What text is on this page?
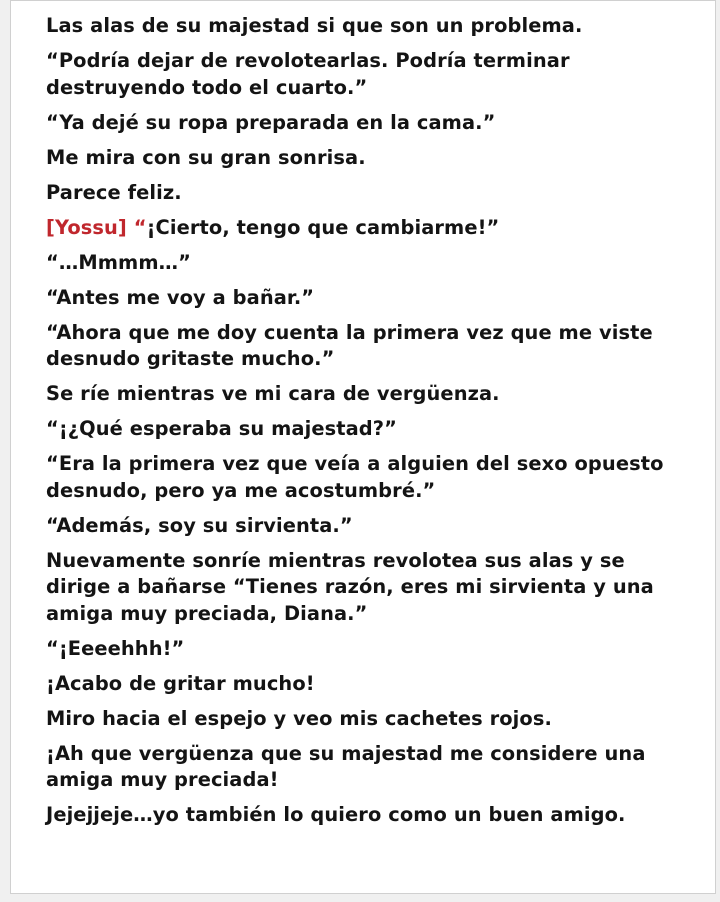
Las alas de su majestad si que son un problema.

“Podría dejar de revolotearlas. Podría terminar destruyendo todo el cuarto.”

“Ya dejé su ropa preparada en la cama.”

Me mira con su gran sonrisa.

Parece feliz.

[Yossu] “¡Cierto, tengo que cambiarme!”

“…Mmmm…”

“Antes me voy a bañar.”

“Ahora que me doy cuenta la primera vez que me viste desnudo gritaste mucho.”

Se ríe mientras ve mi cara de vergüenza.

“¡¿Qué esperaba su majestad?”

“Era la primera vez que veía a alguien del sexo opuesto desnudo, pero ya me acostumbré.”

“Además, soy su sirvienta.”

Nuevamente sonríe mientras revolotea sus alas y se dirige a bañarse “Tienes razón, eres mi sirvienta y una amiga muy preciada, Diana.”

“¡Eeeehhh!”

¡Acabo de gritar mucho!

Miro hacia el espejo y veo mis cachetes rojos.

¡Ah que vergüenza que su majestad me considere una amiga muy preciada!

Jejejjeje…yo también lo quiero como un buen amigo.
